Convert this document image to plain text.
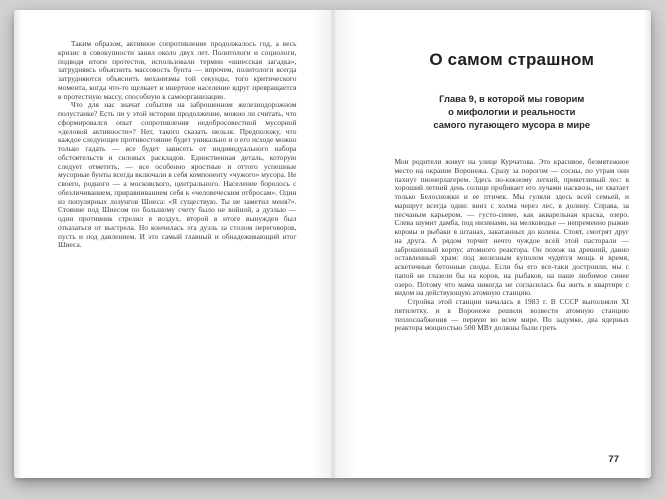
Таким образом, активное сопротивление продолжалось год, а весь кризис в совокупности занял около двух лет. Политологи и социологи, подводя итоги протестов, использовали термин «шиесская загадка», затрудняясь объяснить массовость бунта — впрочем, политологи всегда затрудняются объяснить механизмы той секунды, того критического момента, когда что-то щелкает и инертное население вдруг превращается в протестную массу, способную к самоорганизации.

Что для нас значат события на заброшенном железнодорожном полустанке? Есть ли у этой истории продолжение, можно ли считать, что сформировался опыт сопротивления недобросовестной мусорной «деловой активности»? Нет, такого сказать нельзя. Предположу, что каждое следующее противостояние будет уникально и о его исходе можно только гадать — все будет зависеть от индивидуального набора обстоятельств и силовых раскладов. Единственная деталь, которую следует отметить, — все особенно яростные и оттого успешные мусорные бунты всегда включали в себя компоненту «чужого» мусора. Не своего, родного — а московского, центрального. Население боролось с обезличиванием, приравниванием себя к «человеческим отбросам». Один из популярных лозунгов Шиеса: «Я существую. Ты не заметил меня?». Стояние под Шиесом по большому счету было не войной, а дуэлью — один противник стрелял в воздух, второй в итоге вынужден был отказаться от выстрела. Но кончилась эта дуэль за столом переговоров, пусть и под давлением. И это самый главный и обнадеживающий итог Шиеса.

О самом страшном
Глава 9, в которой мы говорим
о мифологии и реальности
самого пугающего мусора в мире

Мои родители живут на улице Курчатова. Это красивое, безмятежное место на окраине Воронежа. Сразу за порогом — сосны, по утрам они пахнут пионерлагерем. Здесь по-южному легкий, приветливый лес: в хороший летний день солнце пробивает его лучами насквозь, не хватает только Белоснежки и ее птичек. Мы гуляли здесь всей семьей, и маршрут всегда один: вниз с холма через лес, в долину. Справа, за песчаным карьером, — густо-синее, как акварельная краска, озеро. Слева шумит дамба, под низинами, на мелководье — непременно рыжие коровы и рыбаки в штанах, закатанных до колена. Стоят, смотрят друг на друга. А рядом торчит нечто чуждое всей этой пасторали — заброшенный корпус атомного реактора. Он похож на древний, давно оставленный храм: под железным куполом чудятся мощь и время, аскетичные бетонные своды. Если бы его все-таки достроили, мы с папой не глазели бы на коров, на рыбаков, на наше любимое синее озеро. Потому что мама никогда не согласилась бы жить в квартире с видом на действующую атомную станцию.

Стройка этой станции началась в 1983 г. В СССР выполняли XI пятилетку, и в Воронеже решили возвести атомную станцию теплоснабжения — первую во всем мире. По задумке, два ядерных реактора мощностью 500 МВт должны были греть

77
